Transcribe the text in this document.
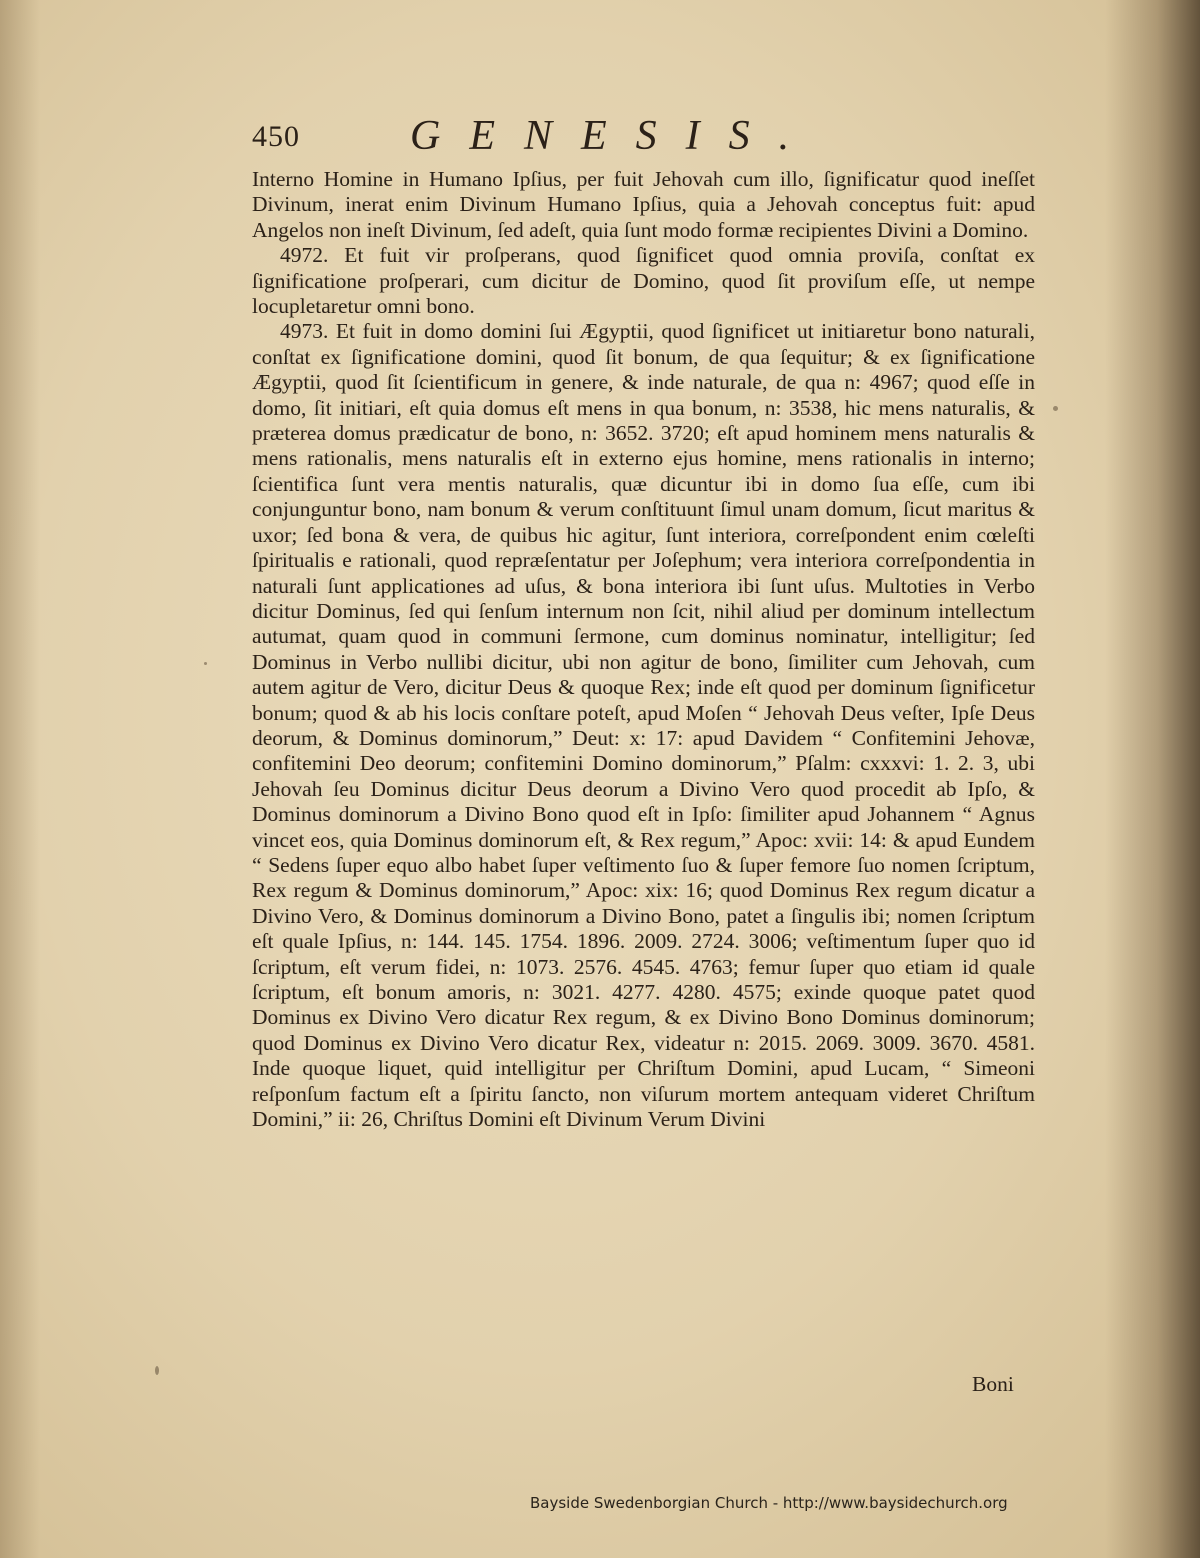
450	GENESIS.

Interno Homine in Humano Ipſius, per fuit Jehovah cum illo, ſignificatur quod ineſſet Divinum, inerat enim Divinum Humano Ipſius, quia a Jehovah conceptus fuit: apud Angelos non ineſt Divinum, ſed adeſt, quia ſunt modo formæ recipientes Divini a Domino.

4972. Et fuit vir proſperans, quod ſignificet quod omnia proviſa, conſtat ex ſignificatione proſperari, cum dicitur de Domino, quod ſit proviſum eſſe, ut nempe locupletaretur omni bono.

4973. Et fuit in domo domini ſui Ægyptii, quod ſignificet ut initiaretur bono naturali, conſtat ex ſignificatione domini, quod ſit bonum, de qua ſequitur; & ex ſignificatione Ægyptii, quod ſit ſcientificum in genere, & inde naturale, de qua n: 4967; quod eſſe in domo, ſit initiari, eſt quia domus eſt mens in qua bonum, n: 3538, hic mens naturalis, & præterea domus prædicatur de bono, n: 3652. 3720; eſt apud hominem mens naturalis & mens rationalis, mens naturalis eſt in externo ejus homine, mens rationalis in interno; ſcientifica ſunt vera mentis naturalis, quæ dicuntur ibi in domo ſua eſſe, cum ibi conjunguntur bono, nam bonum & verum conſtituunt ſimul unam domum, ſicut maritus & uxor; ſed bona & vera, de quibus hic agitur, ſunt interiora, correſpondent enim cœleſti ſpiritualis e rationali, quod repræſentatur per Joſephum; vera interiora correſpondentia in naturali ſunt applicationes ad uſus, & bona interiora ibi ſunt uſus. Multoties in Verbo dicitur Dominus, ſed qui ſenſum internum non ſcit, nihil aliud per dominum intellectum autumat, quam quod in communi ſermone, cum dominus nominatur, intelligitur; ſed Dominus in Verbo nullibi dicitur, ubi non agitur de bono, ſimiliter cum Jehovah, cum autem agitur de Vero, dicitur Deus & quoque Rex; inde eſt quod per dominum ſignificetur bonum; quod & ab his locis conſtare poteſt, apud Moſen “ Jehovah Deus veſter, Ipſe Deus deorum, & Dominus dominorum,” Deut: x: 17: apud Davidem “ Confitemini Jehovæ, confitemini Deo deorum; confitemini Domino dominorum,” Pſalm: cxxxvi: 1. 2. 3, ubi Jehovah ſeu Dominus dicitur Deus deorum a Divino Vero quod procedit ab Ipſo, & Dominus dominorum a Divino Bono quod eſt in Ipſo: ſimiliter apud Johannem “ Agnus vincet eos, quia Dominus dominorum eſt, & Rex regum,” Apoc: xvii: 14: & apud Eundem “ Sedens ſuper equo albo habet ſuper veſtimento ſuo & ſuper femore ſuo nomen ſcriptum, Rex regum & Dominus dominorum,” Apoc: xix: 16; quod Dominus Rex regum dicatur a Divino Vero, & Dominus dominorum a Divino Bono, patet a ſingulis ibi; nomen ſcriptum eſt quale Ipſius, n: 144. 145. 1754. 1896. 2009. 2724. 3006; veſtimentum ſuper quo id ſcriptum, eſt verum fidei, n: 1073. 2576. 4545. 4763; femur ſuper quo etiam id quale ſcriptum, eſt bonum amoris, n: 3021. 4277. 4280. 4575; exinde quoque patet quod Dominus ex Divino Vero dicatur Rex regum, & ex Divino Bono Dominus dominorum; quod Dominus ex Divino Vero dicatur Rex, videatur n: 2015. 2069. 3009. 3670. 4581. Inde quoque liquet, quid intelligitur per Chriſtum Domini, apud Lucam, “ Simeoni reſponſum factum eſt a ſpiritu ſancto, non viſurum mortem antequam videret Chriſtum Domini,” ii: 26, Chriſtus Domini eſt Divinum Verum Divini

Boni
Bayside Swedenborgian Church - http://www.baysidechurch.org
